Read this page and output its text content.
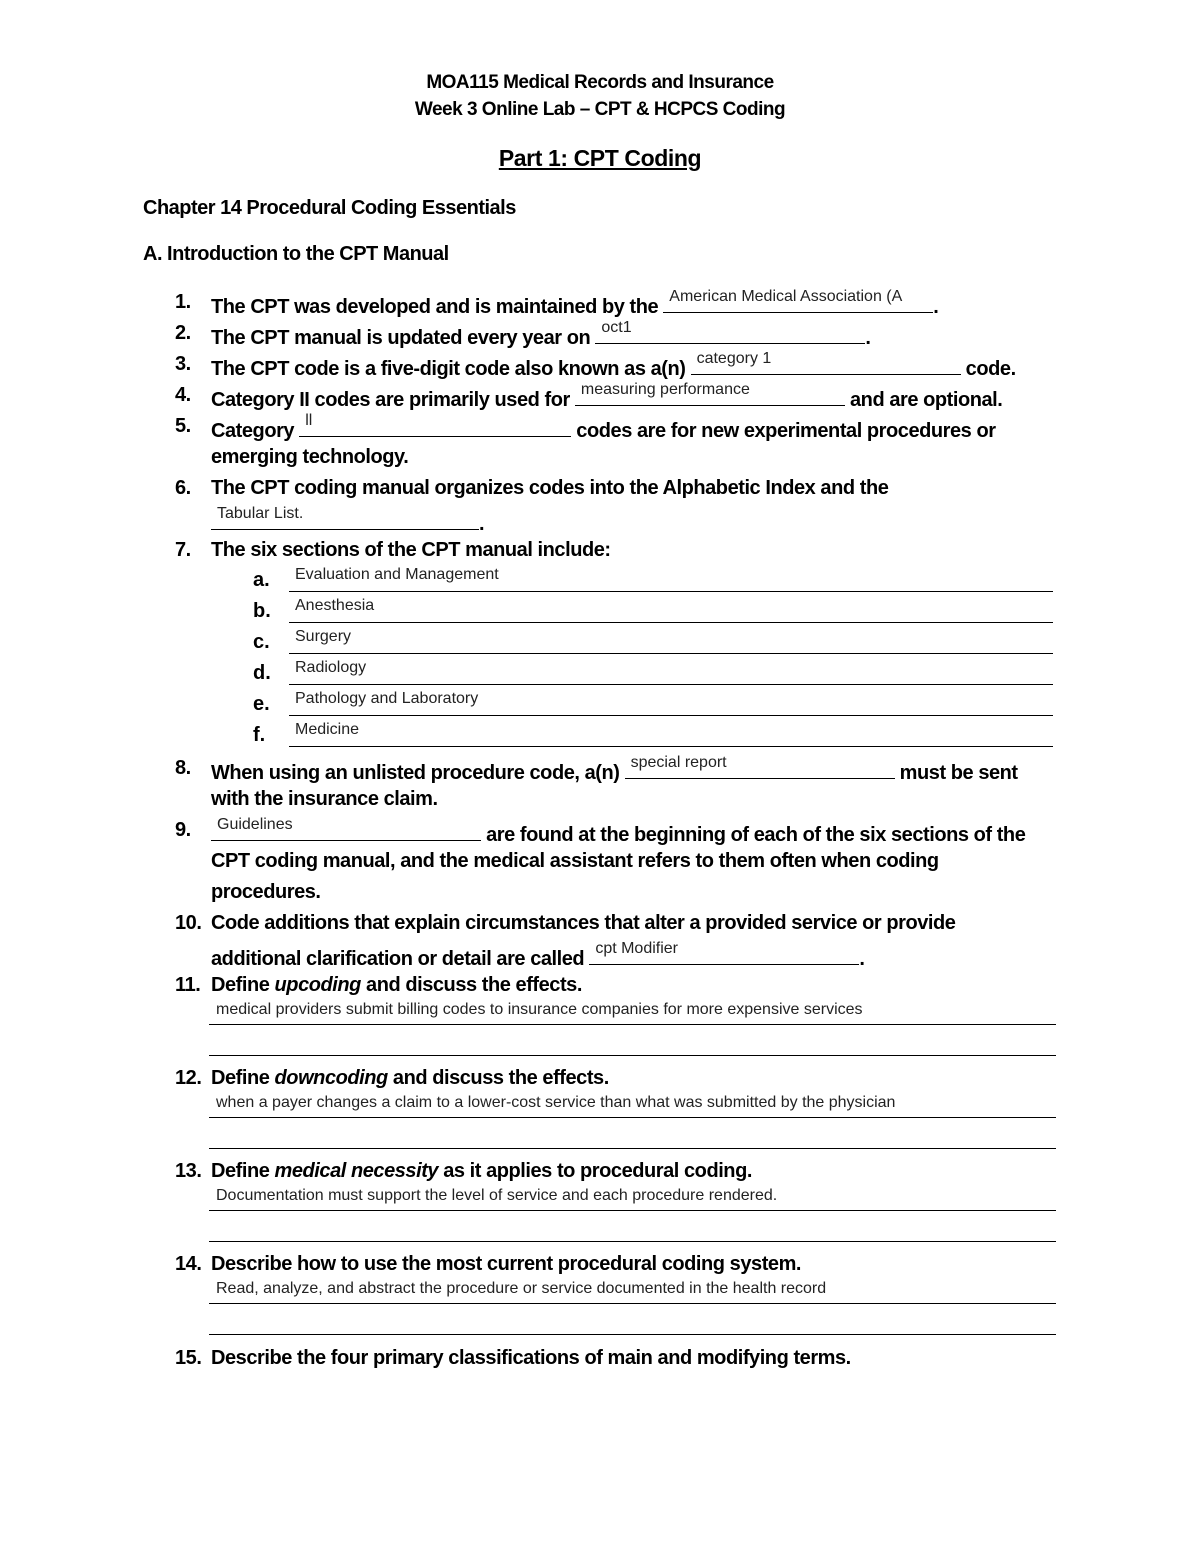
MOA115 Medical Records and Insurance
Week 3 Online Lab – CPT & HCPCS Coding
Part 1: CPT Coding
Chapter 14 Procedural Coding Essentials
A. Introduction to the CPT Manual
1. The CPT was developed and is maintained by the American Medical Association (A .
2. The CPT manual is updated every year on oct1	.
3. The CPT code is a five-digit code also known as a(n) category 1	code.
4. Category II codes are primarily used for measuring performance	and are optional.
5. Category ll	codes are for new experimental procedures or
emerging technology.
6. The CPT coding manual organizes codes into the Alphabetic Index and the
Tabular List.	.
7. The six sections of the CPT manual include:
a. Evaluation and Management
b. Anesthesia
c. Surgery
d. Radiology
e. Pathology and Laboratory
f. Medicine
8. When using an unlisted procedure code, a(n) special report	must be sent
with the insurance claim.
9. Guidelines	are found at the beginning of each of the six sections of the
CPT coding manual, and the medical assistant refers to them often when coding
procedures.
10. Code additions that explain circumstances that alter a provided service or provide
additional clarification or detail are called cpt Modifier	.
11. Define upcoding and discuss the effects.
medical providers submit billing codes to insurance companies for more expensive services
12. Define downcoding and discuss the effects.
when a payer changes a claim to a lower-cost service than what was submitted by the physician
13. Define medical necessity as it applies to procedural coding.
Documentation must support the level of service and each procedure rendered.
14. Describe how to use the most current procedural coding system.
Read, analyze, and abstract the procedure or service documented in the health record
15. Describe the four primary classifications of main and modifying terms.
